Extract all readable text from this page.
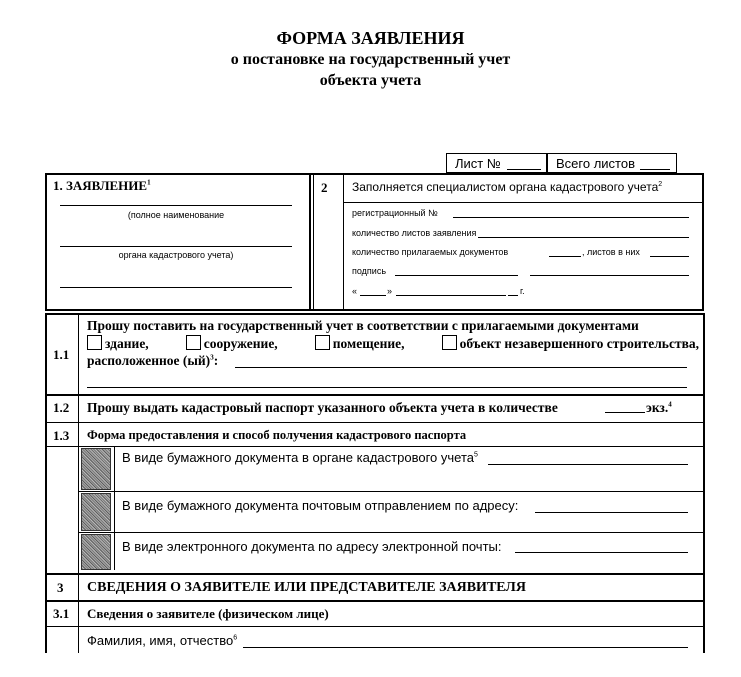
ФОРМА ЗАЯВЛЕНИЯ
о постановке на государственный учет
объекта учета
Лист №	Всего листов
1. ЗАЯВЛЕНИЕ$^1$
(полное наименование
органа кадастрового учета)
2 Заполняется специалистом органа кадастрового учета$^2$
регистрационный №
количество листов заявления
количество прилагаемых документов	, листов в них
подпись
«	»	г.
1.1
Прошу поставить на государственный учет в соответствии с прилагаемыми документами
здание,	сооружение,	помещение,	объект незавершенного строительства,
расположенное (ый)$^3$:
1.2 Прошу выдать кадастровый паспорт указанного объекта учета в количестве	экз.$^4$
1.3 Форма предоставления и способ получения кадастрового паспорта
В виде бумажного документа в органе кадастрового учета$^5$
В виде бумажного документа почтовым отправлением по адресу:
В виде электронного документа по адресу электронной почты:
3 СВЕДЕНИЯ О ЗАЯВИТЕЛЕ ИЛИ ПРЕДСТАВИТЕЛЕ ЗАЯВИТЕЛЯ
3.1 Сведения о заявителе (физическом лице)
Фамилия, имя, отчество$^6$
